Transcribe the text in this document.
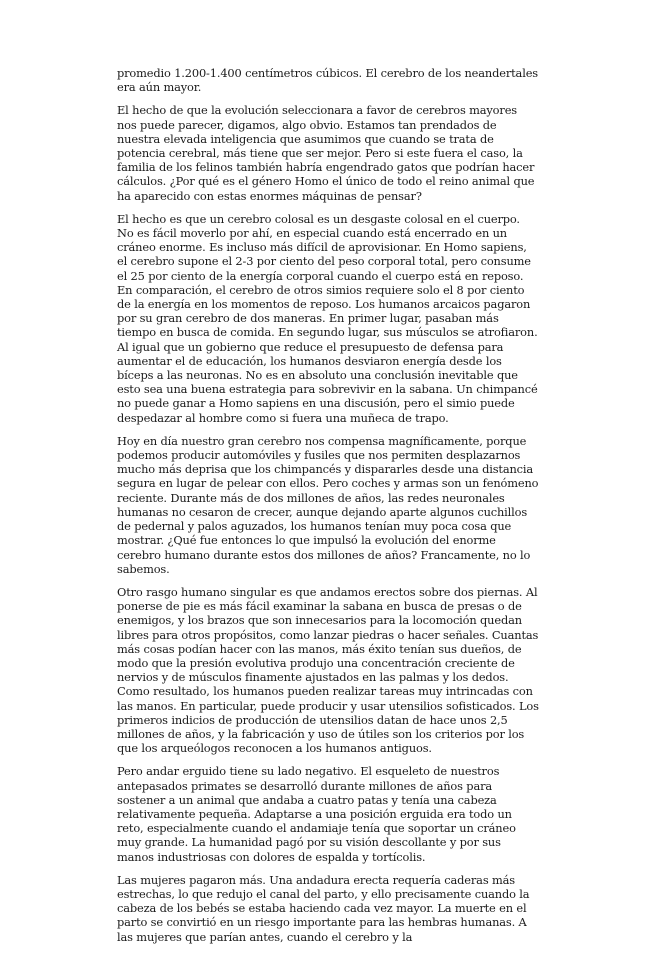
promedio 1.200-1.400 centímetros cúbicos. El cerebro de los neandertales era aún mayor.

El hecho de que la evolución seleccionara a favor de cerebros mayores nos puede parecer, digamos, algo obvio. Estamos tan prendados de nuestra elevada inteligencia que asumimos que cuando se trata de potencia cerebral, más tiene que ser mejor. Pero si este fuera el caso, la familia de los felinos también habría engendrado gatos que podrían hacer cálculos. ¿Por qué es el género Homo el único de todo el reino animal que ha aparecido con estas enormes máquinas de pensar?

El hecho es que un cerebro colosal es un desgaste colosal en el cuerpo. No es fácil moverlo por ahí, en especial cuando está encerrado en un cráneo enorme. Es incluso más difícil de aprovisionar. En Homo sapiens, el cerebro supone el 2-3 por ciento del peso corporal total, pero consume el 25 por ciento de la energía corporal cuando el cuerpo está en reposo. En comparación, el cerebro de otros simios requiere solo el 8 por ciento de la energía en los momentos de reposo. Los humanos arcaicos pagaron por su gran cerebro de dos maneras. En primer lugar, pasaban más tiempo en busca de comida. En segundo lugar, sus músculos se atrofiaron. Al igual que un gobierno que reduce el presupuesto de defensa para aumentar el de educación, los humanos desviaron energía desde los bíceps a las neuronas. No es en absoluto una conclusión inevitable que esto sea una buena estrategia para sobrevivir en la sabana. Un chimpancé no puede ganar a Homo sapiens en una discusión, pero el simio puede despedazar al hombre como si fuera una muñeca de trapo.

Hoy en día nuestro gran cerebro nos compensa magníficamente, porque podemos producir automóviles y fusiles que nos permiten desplazarnos mucho más deprisa que los chimpancés y dispararles desde una distancia segura en lugar de pelear con ellos. Pero coches y armas son un fenómeno reciente. Durante más de dos millones de años, las redes neuronales humanas no cesaron de crecer, aunque dejando aparte algunos cuchillos de pedernal y palos aguzados, los humanos tenían muy poca cosa que mostrar. ¿Qué fue entonces lo que impulsó la evolución del enorme cerebro humano durante estos dos millones de años? Francamente, no lo sabemos.

Otro rasgo humano singular es que andamos erectos sobre dos piernas. Al ponerse de pie es más fácil examinar la sabana en busca de presas o de enemigos, y los brazos que son innecesarios para la locomoción quedan libres para otros propósitos, como lanzar piedras o hacer señales. Cuantas más cosas podían hacer con las manos, más éxito tenían sus dueños, de modo que la presión evolutiva produjo una concentración creciente de nervios y de músculos finamente ajustados en las palmas y los dedos. Como resultado, los humanos pueden realizar tareas muy intrincadas con las manos. En particular, puede producir y usar utensilios sofisticados. Los primeros indicios de producción de utensilios datan de hace unos 2,5 millones de años, y la fabricación y uso de útiles son los criterios por los que los arqueólogos reconocen a los humanos antiguos.

Pero andar erguido tiene su lado negativo. El esqueleto de nuestros antepasados primates se desarrolló durante millones de años para sostener a un animal que andaba a cuatro patas y tenía una cabeza relativamente pequeña. Adaptarse a una posición erguida era todo un reto, especialmente cuando el andamiaje tenía que soportar un cráneo muy grande. La humanidad pagó por su visión descollante y por sus manos industriosas con dolores de espalda y tortícolis.

Las mujeres pagaron más. Una andadura erecta requería caderas más estrechas, lo que redujo el canal del parto, y ello precisamente cuando la cabeza de los bebés se estaba haciendo cada vez mayor. La muerte en el parto se convirtió en un riesgo importante para las hembras humanas. A las mujeres que parían antes, cuando el cerebro y la
